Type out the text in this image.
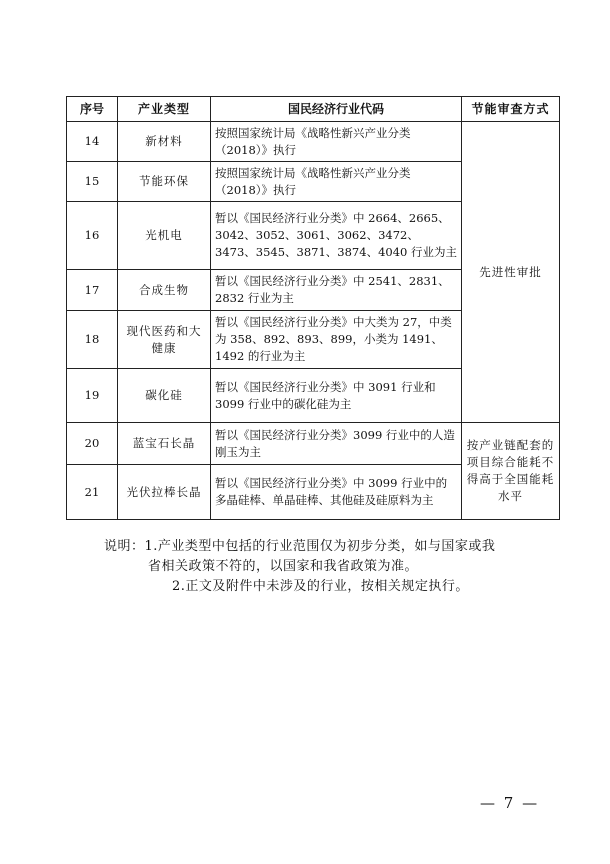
序号	产业类型	国民经济行业代码	节能审查方式
14	新材料	按照国家统计局《战略性新兴产业分类（2018）》执行	先进性审批
15	节能环保	按照国家统计局《战略性新兴产业分类（2018）》执行	
16	光机电	暂以《国民经济行业分类》中 2664、2665、3042、3052、3061、3062、3472、3473、3545、3871、3874、4040 行业为主	
17	合成生物	暂以《国民经济行业分类》中 2541、2831、2832 行业为主	
18	现代医药和大健康	暂以《国民经济行业分类》中大类为 27，中类为 358、892、893、899，小类为 1491、1492 的行业为主	
19	碳化硅	暂以《国民经济行业分类》中 3091 行业和 3099 行业中的碳化硅为主	
20	蓝宝石长晶	暂以《国民经济行业分类》3099 行业中的人造刚玉为主	按产业链配套的项目综合能耗不得高于全国能耗水平
21	光伏拉棒长晶	暂以《国民经济行业分类》中 3099 行业中的多晶硅棒、单晶硅棒、其他硅及硅原料为主	
说明：1.产业类型中包括的行业范围仅为初步分类，如与国家或我
省相关政策不符的，以国家和我省政策为准。
2.正文及附件中未涉及的行业，按相关规定执行。
— 7 —
